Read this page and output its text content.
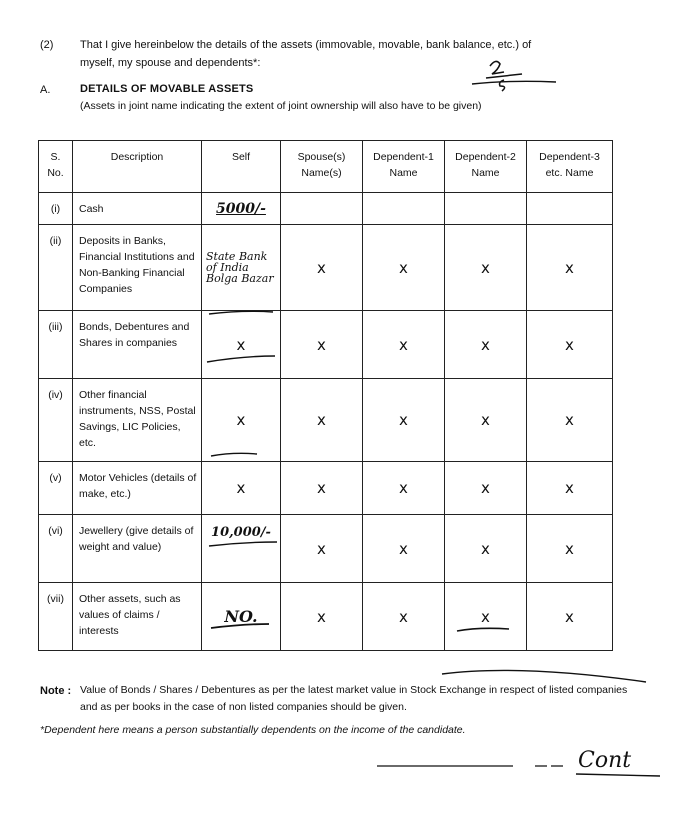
(2) That I give hereinbelow the details of the assets (immovable, movable, bank balance, etc.) of
myself, my spouse and dependents*:
A.	DETAILS OF MOVABLE ASSETS
(Assets in joint name indicating the extent of joint ownership will also have to be given)
S. No.	Description	Self	Spouse(s) Name(s)	Dependent-1 Name	Dependent-2 Name	Dependent-3 etc. Name
(i)	Cash	5000/-				
(ii)	Deposits in Banks, Financial Institutions and Non-Banking Financial Companies	State Bank of India Bolga Bazar	x	x	x	x
(iii)	Bonds, Debentures and Shares in companies	x	x	x	x	x
(iv)	Other financial instruments, NSS, Postal Savings, LIC Policies, etc.	x	x	x	x	x
(v)	Motor Vehicles (details of make, etc.)	x	x	x	x	x
(vi)	Jewellery (give details of weight and value)	10,000/-	x	x	x	x
(vii)	Other assets, such as values of claims / interests	NO.	x	x	x	x
Note : Value of Bonds / Shares / Debentures as per the latest market value in Stock Exchange in respect of listed companies and as per books in the case of non listed companies should be given.
*Dependent here means a person substantially dependents on the income of the candidate.
Cont
